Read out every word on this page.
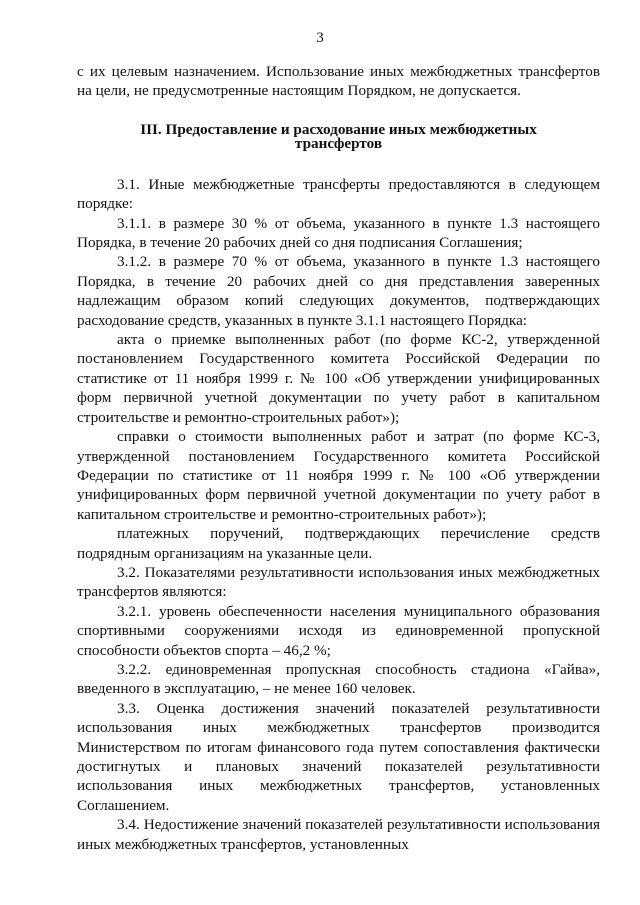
3

с их целевым назначением. Использование иных межбюджетных трансфертов на цели, не предусмотренные настоящим Порядком, не допускается.

III. Предоставление и расходование иных межбюджетных
трансфертов

3.1. Иные межбюджетные трансферты предоставляются в следующем порядке:

3.1.1. в размере 30 % от объема, указанного в пункте 1.3 настоящего Порядка, в течение 20 рабочих дней со дня подписания Соглашения;

3.1.2. в размере 70 % от объема, указанного в пункте 1.3 настоящего Порядка, в течение 20 рабочих дней со дня представления заверенных надлежащим образом копий следующих документов, подтверждающих расходование средств, указанных в пункте 3.1.1 настоящего Порядка:

акта о приемке выполненных работ (по форме КС-2, утвержденной постановлением Государственного комитета Российской Федерации по статистике от 11 ноября 1999 г. № 100 «Об утверждении унифицированных форм первичной учетной документации по учету работ в капитальном строительстве и ремонтно-строительных работ»);

справки о стоимости выполненных работ и затрат (по форме КС-3, утвержденной постановлением Государственного комитета Российской Федерации по статистике от 11 ноября 1999 г. № 100 «Об утверждении унифицированных форм первичной учетной документации по учету работ в капитальном строительстве и ремонтно-строительных работ»);

платежных поручений, подтверждающих перечисление средств подрядным организациям на указанные цели.

3.2. Показателями результативности использования иных межбюджетных трансфертов являются:

3.2.1. уровень обеспеченности населения муниципального образования спортивными сооружениями исходя из единовременной пропускной способности объектов спорта – 46,2 %;

3.2.2. единовременная пропускная способность стадиона «Гайва», введенного в эксплуатацию, – не менее 160 человек.

3.3. Оценка достижения значений показателей результативности использования иных межбюджетных трансфертов производится Министерством по итогам финансового года путем сопоставления фактически достигнутых и плановых значений показателей результативности использования иных межбюджетных трансфертов, установленных Соглашением.

3.4. Недостижение значений показателей результативности использования иных межбюджетных трансфертов, установленных
